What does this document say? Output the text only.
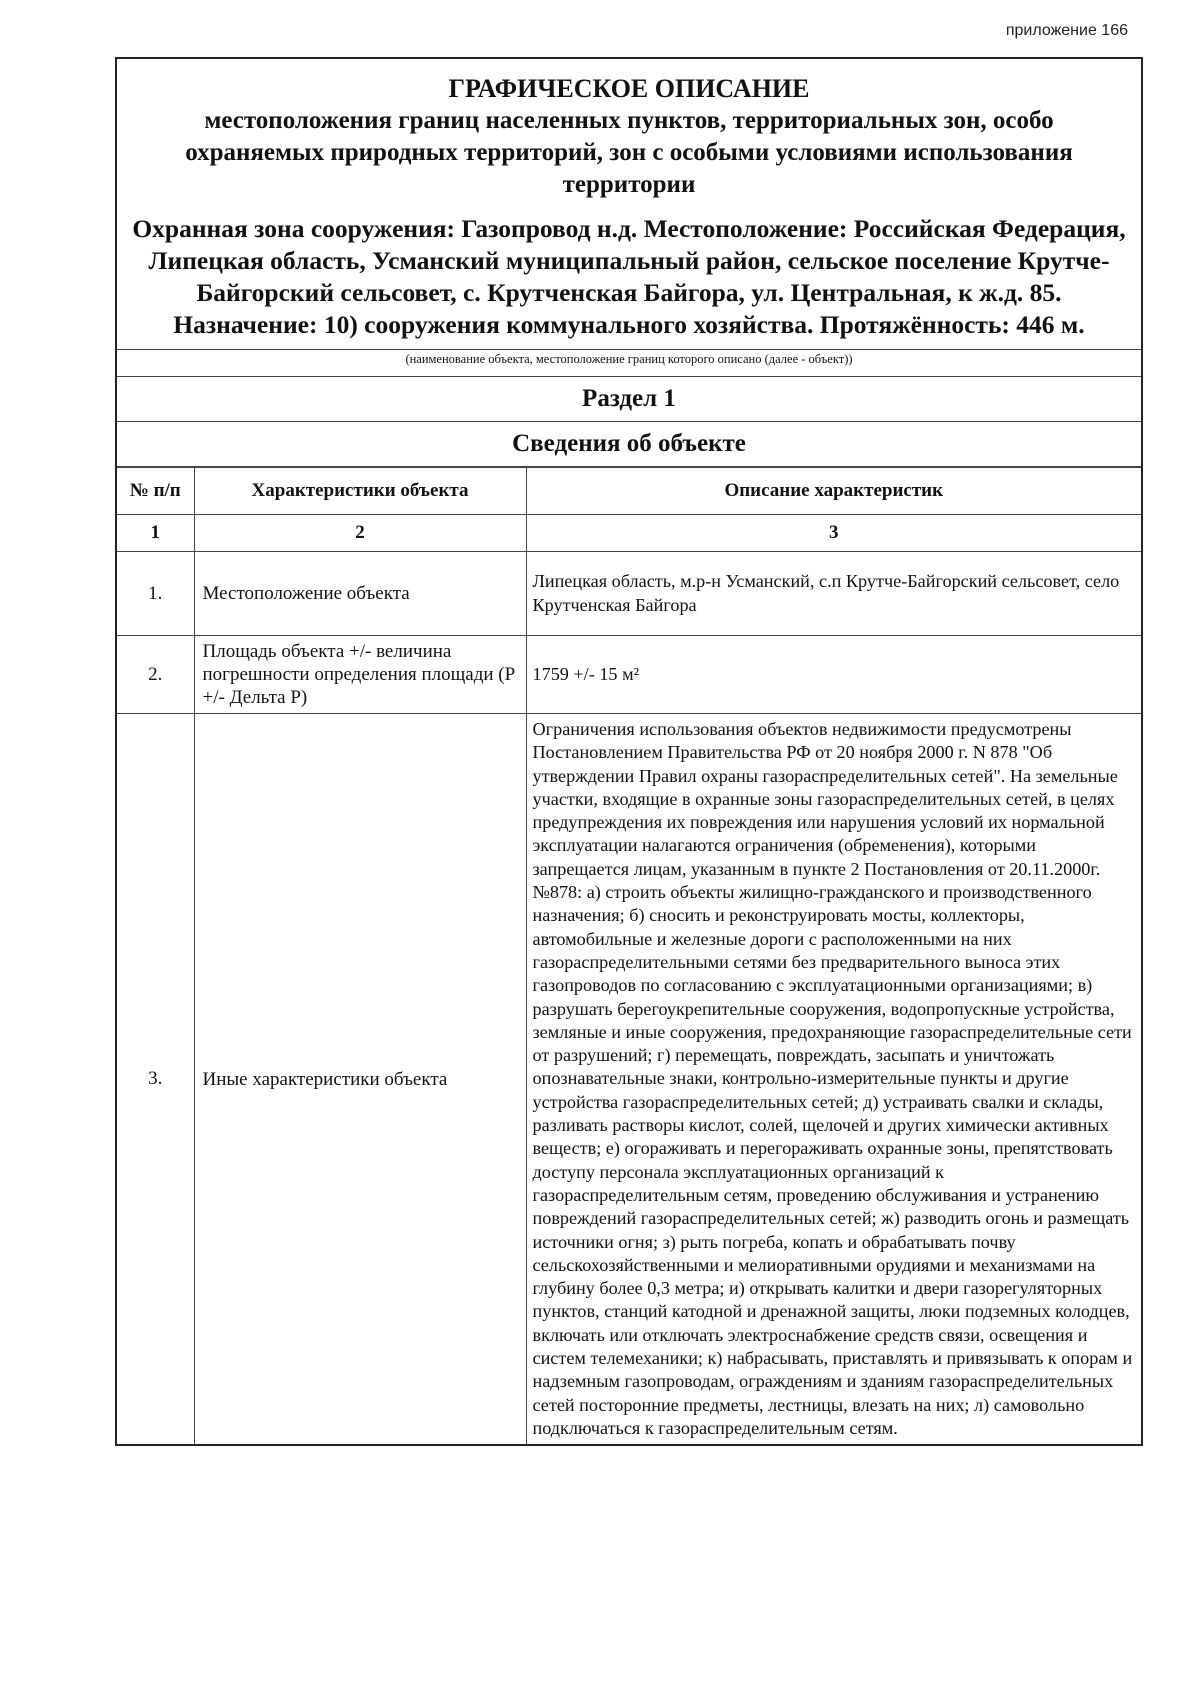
приложение 166
ГРАФИЧЕСКОЕ ОПИСАНИЕ
местоположения границ населенных пунктов, территориальных зон, особо охраняемых природных территорий, зон с особыми условиями использования территории
Охранная зона сооружения: Газопровод н.д. Местоположение: Российская Федерация, Липецкая область, Усманский муниципальный район, сельское поселение Крутче-Байгорский сельсовет, с. Крутченская Байгора, ул. Центральная, к ж.д. 85. Назначение: 10) сооружения коммунального хозяйства. Протяжённость: 446 м.
(наименование объекта, местоположение границ которого описано (далее - объект))
Раздел 1
Сведения об объекте
№ п/п	Характеристики объекта	Описание характеристик
1	2	3
1.	Местоположение объекта	Липецкая область, м.р-н Усманский, с.п Крутче-Байгорский сельсовет, село Крутченская Байгора
2.	Площадь объекта +/- величина погрешности определения площади (Р +/- Дельта Р)	1759 +/- 15 м²
3.	Иные характеристики объекта	Ограничения использования объектов недвижимости предусмотрены Постановлением Правительства РФ от 20 ноября 2000 г. N 878 "Об утверждении Правил охраны газораспределительных сетей". На земельные участки, входящие в охранные зоны газораспределительных сетей, в целях предупреждения их повреждения или нарушения условий их нормальной эксплуатации налагаются ограничения (обременения), которыми запрещается лицам, указанным в пункте 2 Постановления от 20.11.2000г. №878: а) строить объекты жилищно-гражданского и производственного назначения; б) сносить и реконструировать мосты, коллекторы, автомобильные и железные дороги с расположенными на них газораспределительными сетями без предварительного выноса этих газопроводов по согласованию с эксплуатационными организациями; в) разрушать берегоукрепительные сооружения, водопропускные устройства, земляные и иные сооружения, предохраняющие газораспределительные сети от разрушений; г) перемещать, повреждать, засыпать и уничтожать опознавательные знаки, контрольно-измерительные пункты и другие устройства газораспределительных сетей; д) устраивать свалки и склады, разливать растворы кислот, солей, щелочей и других химически активных веществ; е) огораживать и перегораживать охранные зоны, препятствовать доступу персонала эксплуатационных организаций к газораспределительным сетям, проведению обслуживания и устранению повреждений газораспределительных сетей; ж) разводить огонь и размещать источники огня; з) рыть погреба, копать и обрабатывать почву сельскохозяйственными и мелиоративными орудиями и механизмами на глубину более 0,3 метра; и) открывать калитки и двери газорегуляторных пунктов, станций катодной и дренажной защиты, люки подземных колодцев, включать или отключать электроснабжение средств связи, освещения и систем телемеханики; к) набрасывать, приставлять и привязывать к опорам и надземным газопроводам, ограждениям и зданиям газораспределительных сетей посторонние предметы, лестницы, влезать на них; л) самовольно подключаться к газораспределительным сетям.
